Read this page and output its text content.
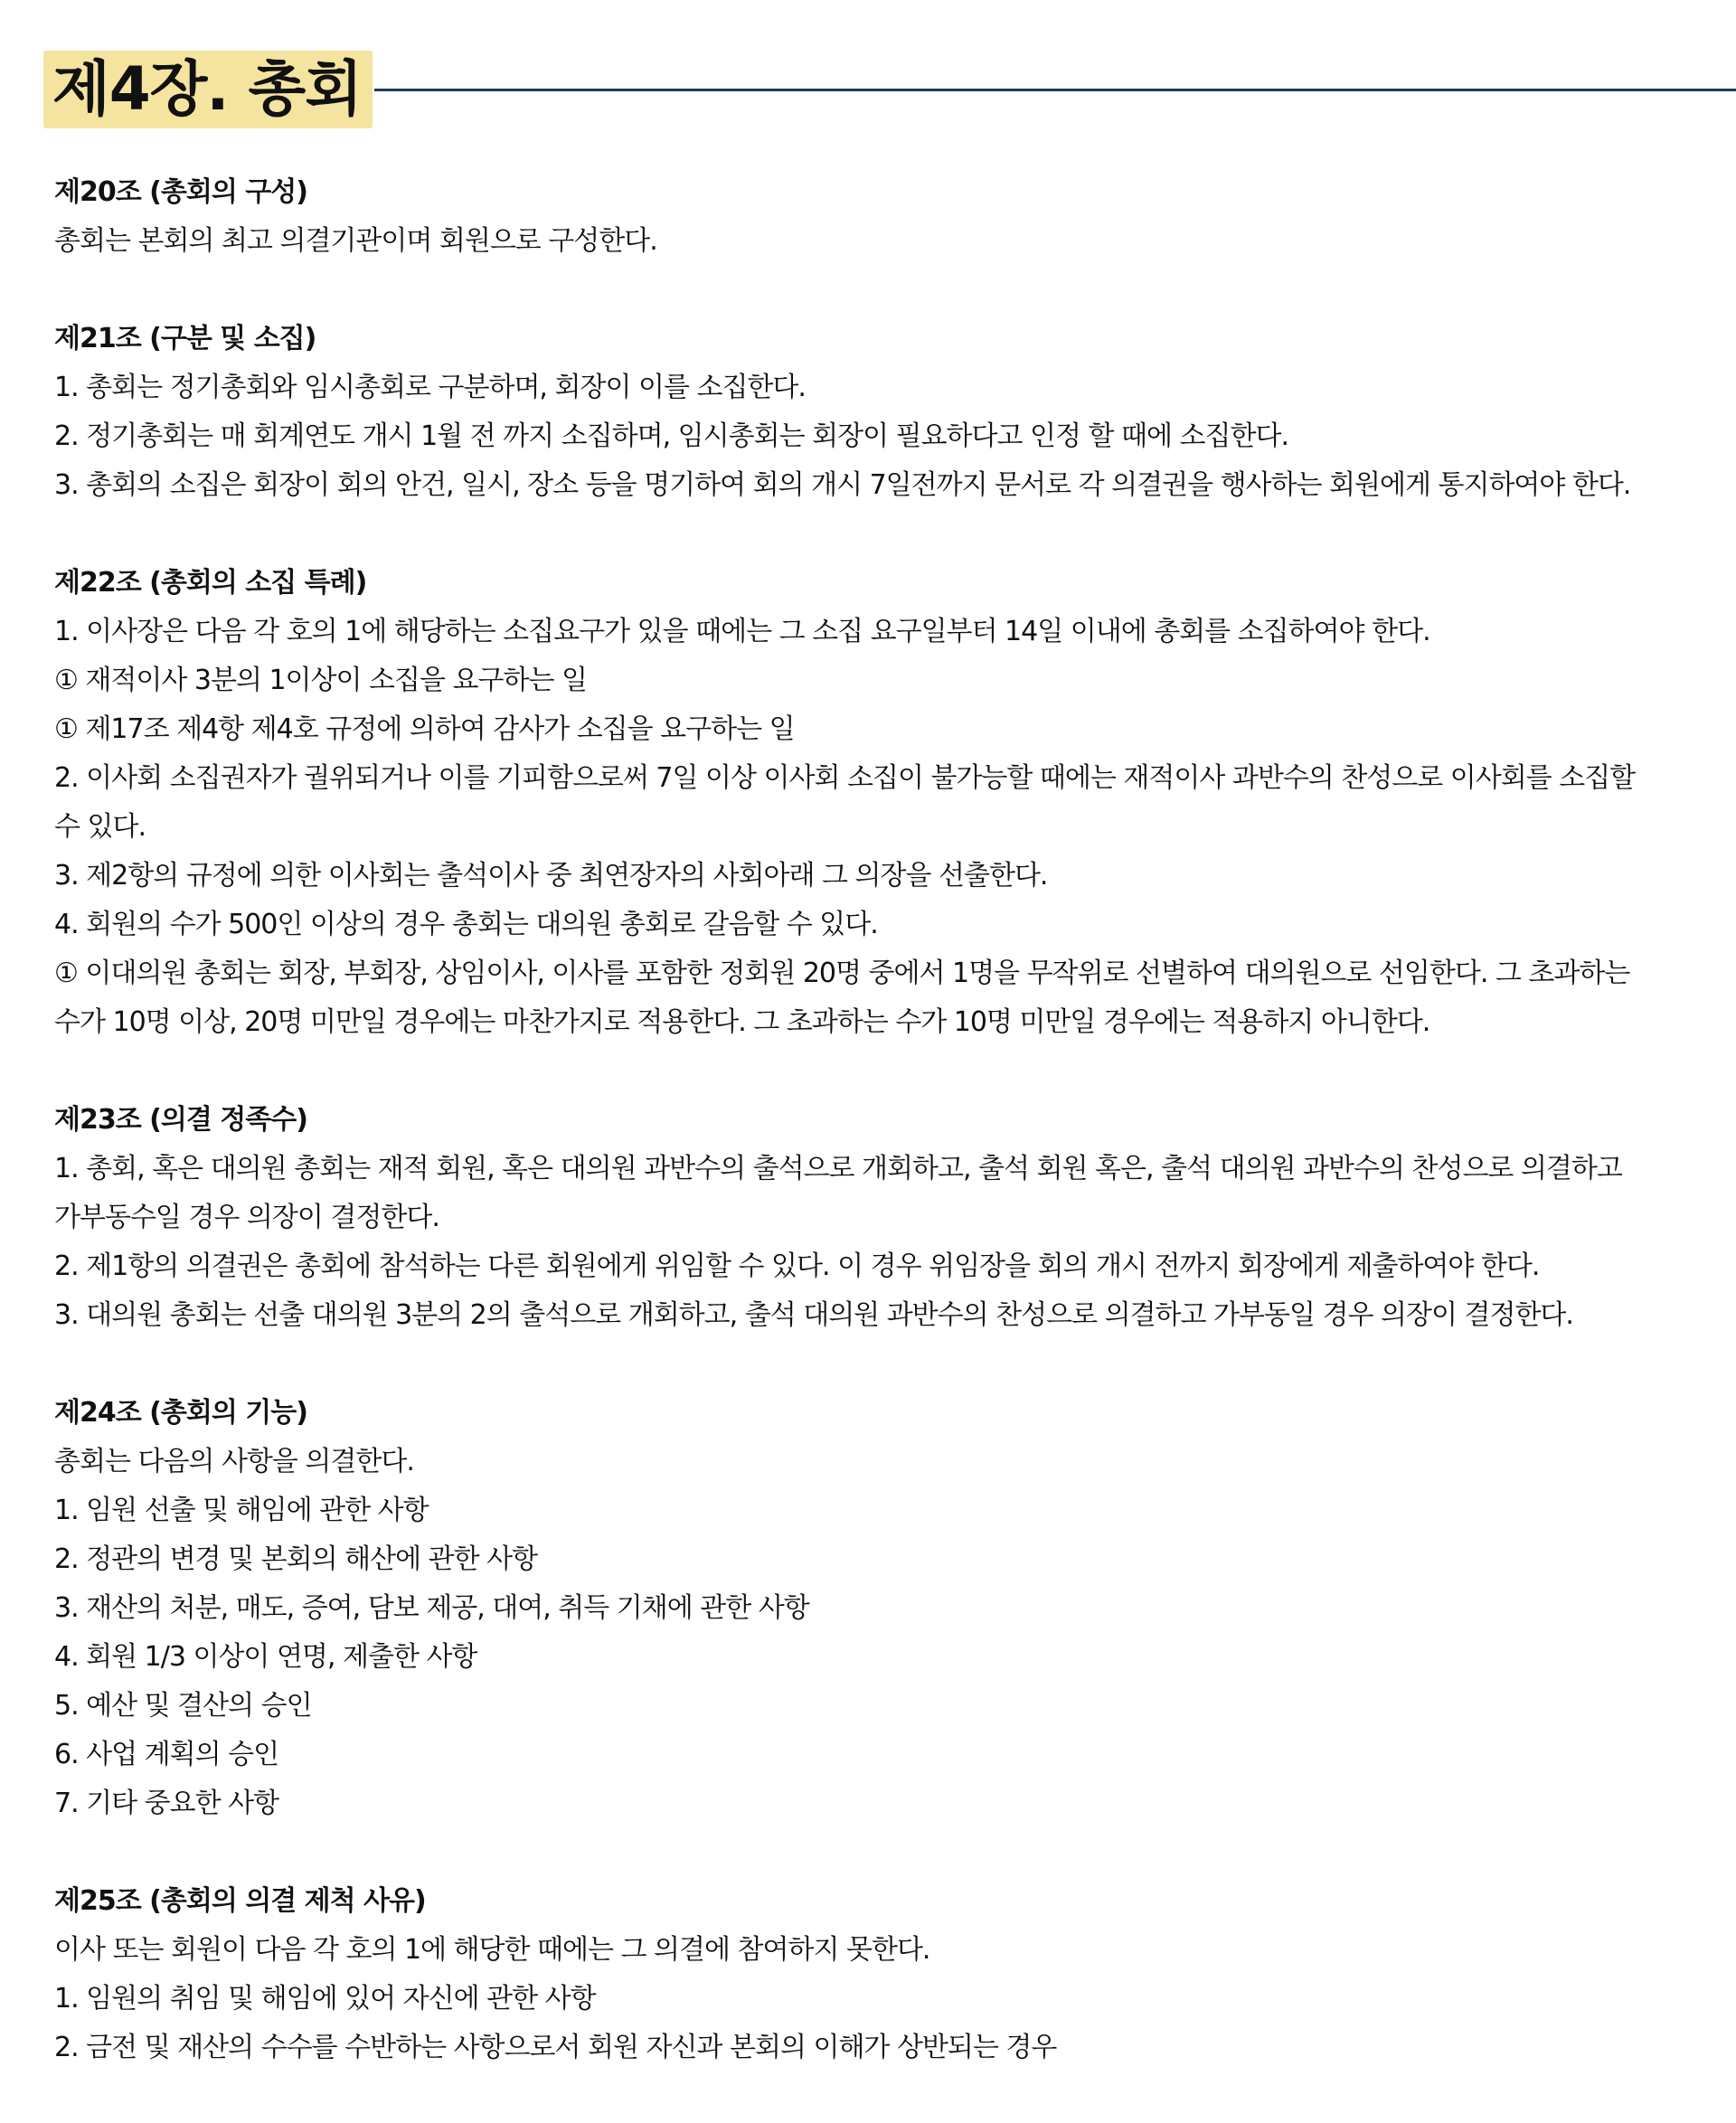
제4장. 총회
제20조 (총회의 구성)
총회는 본회의 최고 의결기관이며 회원으로 구성한다.
제21조 (구분 및 소집)
1. 총회는 정기총회와 임시총회로 구분하며, 회장이 이를 소집한다.
2. 정기총회는 매 회계연도 개시 1월 전 까지 소집하며, 임시총회는 회장이 필요하다고 인정 할 때에 소집한다.
3. 총회의 소집은 회장이 회의 안건, 일시, 장소 등을 명기하여 회의 개시 7일전까지 문서로 각 의결권을 행사하는 회원에게 통지하여야 한다.
제22조 (총회의 소집 특례)
1. 이사장은 다음 각 호의 1에 해당하는 소집요구가 있을 때에는 그 소집 요구일부터 14일 이내에 총회를 소집하여야 한다.
① 재적이사 3분의 1이상이 소집을 요구하는 일
① 제17조 제4항 제4호 규정에 의하여 감사가 소집을 요구하는 일
2. 이사회 소집권자가 궐위되거나 이를 기피함으로써 7일 이상 이사회 소집이 불가능할 때에는 재적이사 과반수의 찬성으로 이사회를 소집할
수 있다.
3. 제2항의 규정에 의한 이사회는 출석이사 중 최연장자의 사회아래 그 의장을 선출한다.
4. 회원의 수가 500인 이상의 경우 총회는 대의원 총회로 갈음할 수 있다.
① 이대의원 총회는 회장, 부회장, 상임이사, 이사를 포함한 정회원 20명 중에서 1명을 무작위로 선별하여 대의원으로 선임한다. 그 초과하는
수가 10명 이상, 20명 미만일 경우에는 마찬가지로 적용한다. 그 초과하는 수가 10명 미만일 경우에는 적용하지 아니한다.
제23조 (의결 정족수)
1. 총회, 혹은 대의원 총회는 재적 회원, 혹은 대의원 과반수의 출석으로 개회하고, 출석 회원 혹은, 출석 대의원 과반수의 찬성으로 의결하고
가부동수일 경우 의장이 결정한다.
2. 제1항의 의결권은 총회에 참석하는 다른 회원에게 위임할 수 있다. 이 경우 위임장을 회의 개시 전까지 회장에게 제출하여야 한다.
3. 대의원 총회는 선출 대의원 3분의 2의 출석으로 개회하고, 출석 대의원 과반수의 찬성으로 의결하고 가부동일 경우 의장이 결정한다.
제24조 (총회의 기능)
총회는 다음의 사항을 의결한다.
1. 임원 선출 및 해임에 관한 사항
2. 정관의 변경 및 본회의 해산에 관한 사항
3. 재산의 처분, 매도, 증여, 담보 제공, 대여, 취득 기채에 관한 사항
4. 회원 1/3 이상이 연명, 제출한 사항
5. 예산 및 결산의 승인
6. 사업 계획의 승인
7. 기타 중요한 사항
제25조 (총회의 의결 제척 사유)
이사 또는 회원이 다음 각 호의 1에 해당한 때에는 그 의결에 참여하지 못한다.
1. 임원의 취임 및 해임에 있어 자신에 관한 사항
2. 금전 및 재산의 수수를 수반하는 사항으로서 회원 자신과 본회의 이해가 상반되는 경우
